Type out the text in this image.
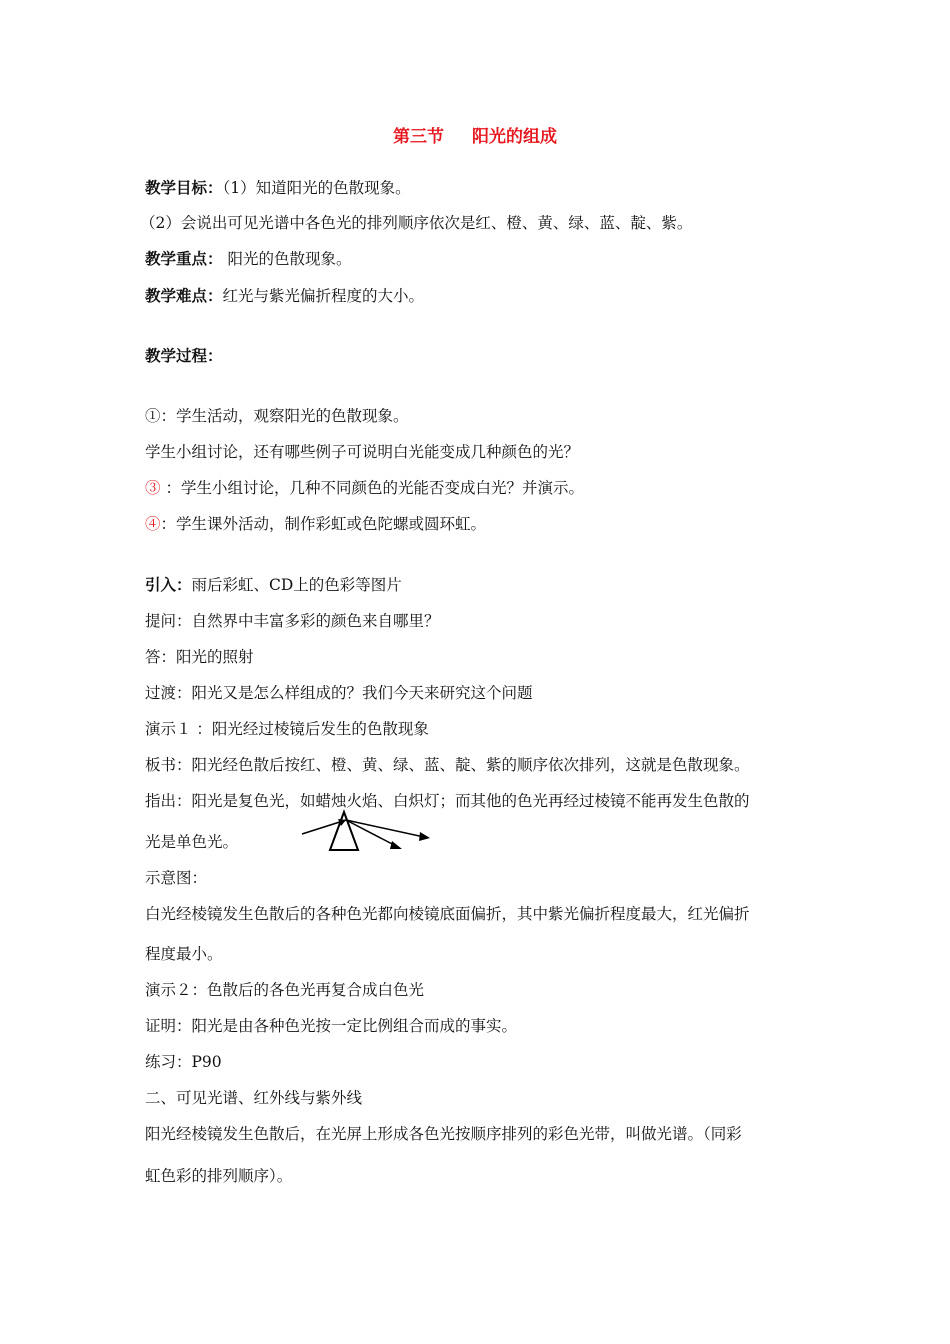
第三节 阳光的组成
教学目标：（1）知道阳光的色散现象。
（2）会说出可见光谱中各色光的排列顺序依次是红、橙、黄、绿、蓝、靛、紫。
教学重点： 阳光的色散现象。
教学难点：红光与紫光偏折程度的大小。
教学过程：
①：学生活动，观察阳光的色散现象。
学生小组讨论，还有哪些例子可说明白光能变成几种颜色的光？
③ ：学生小组讨论，几种不同颜色的光能否变成白光？并演示。
④：学生课外活动，制作彩虹或色陀螺或圆环虹。
引入：雨后彩虹、CD上的色彩等图片
提问：自然界中丰富多彩的颜色来自哪里？
答：阳光的照射
过渡：阳光又是怎么样组成的？我们今天来研究这个问题
演示１ ：阳光经过棱镜后发生的色散现象
板书：阳光经色散后按红、橙、黄、绿、蓝、靛、紫的顺序依次排列，这就是色散现象。
指出：阳光是复色光，如蜡烛火焰、白炽灯；而其他的色光再经过棱镜不能再发生色散的
光是单色光。
示意图：
白光经棱镜发生色散后的各种色光都向棱镜底面偏折，其中紫光偏折程度最大，红光偏折
程度最小。
演示２：色散后的各色光再复合成白色光
证明：阳光是由各种色光按一定比例组合而成的事实。
练习：P90
二、可见光谱、红外线与紫外线
阳光经棱镜发生色散后，在光屏上形成各色光按顺序排列的彩色光带，叫做光谱。（同彩
虹色彩的排列顺序）。
